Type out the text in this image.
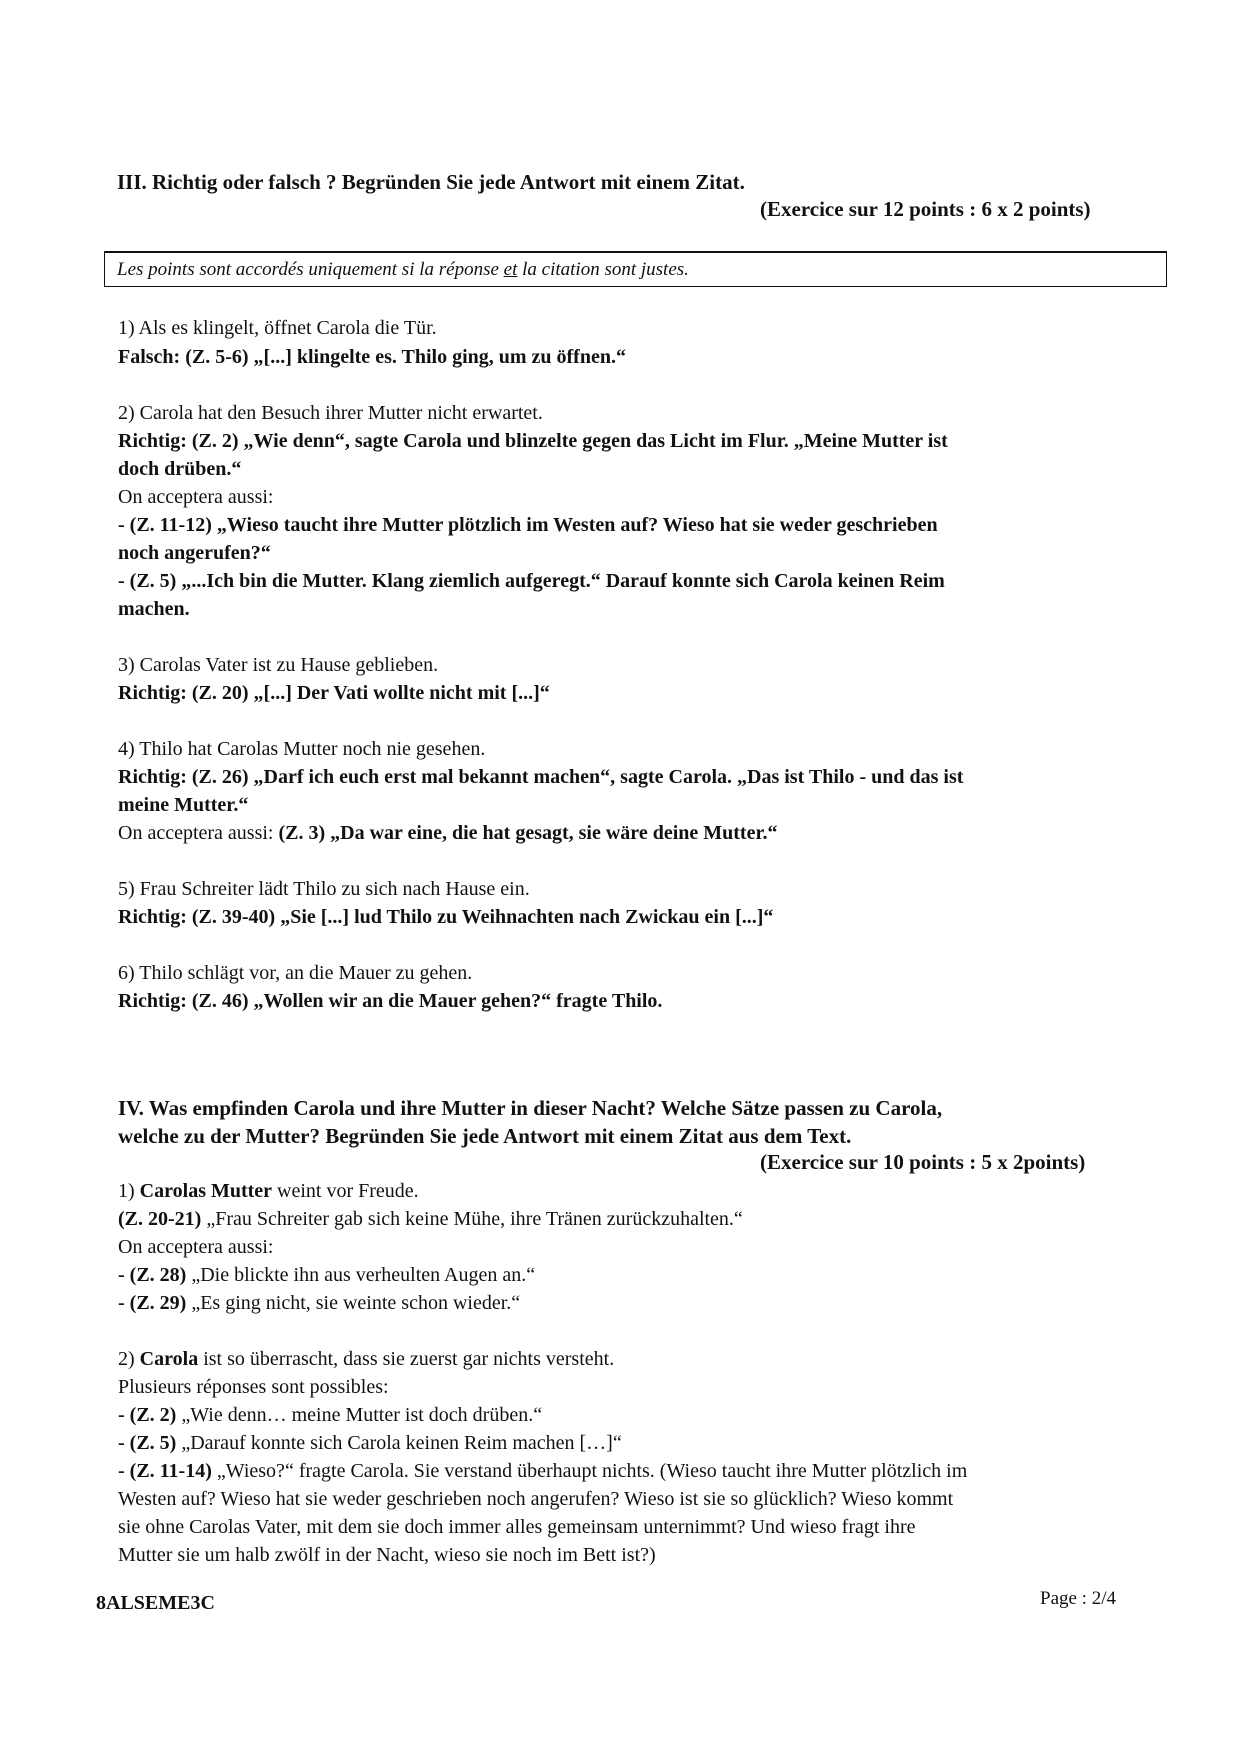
III. Richtig oder falsch ? Begründen Sie jede Antwort mit einem Zitat.
(Exercice sur 12 points : 6 x 2 points)
Les points sont accordés uniquement si la réponse et la citation sont justes.
1) Als es klingelt, öffnet Carola die Tür.
Falsch: (Z. 5-6) „[...] klingelte es. Thilo ging, um zu öffnen.“
2) Carola hat den Besuch ihrer Mutter nicht erwartet.
Richtig: (Z. 2) „Wie denn“, sagte Carola und blinzelte gegen das Licht im Flur. „Meine Mutter ist
doch drüben.“
On acceptera aussi:
- (Z. 11-12) „Wieso taucht ihre Mutter plötzlich im Westen auf? Wieso hat sie weder geschrieben
noch angerufen?“
- (Z. 5) „...Ich bin die Mutter. Klang ziemlich aufgeregt.“ Darauf konnte sich Carola keinen Reim
machen.
3) Carolas Vater ist zu Hause geblieben.
Richtig: (Z. 20) „[...] Der Vati wollte nicht mit [...]“
4) Thilo hat Carolas Mutter noch nie gesehen.
Richtig: (Z. 26) „Darf ich euch erst mal bekannt machen“, sagte Carola. „Das ist Thilo - und das ist
meine Mutter.“
On acceptera aussi: (Z. 3) „Da war eine, die hat gesagt, sie wäre deine Mutter.“
5) Frau Schreiter lädt Thilo zu sich nach Hause ein.
Richtig: (Z. 39-40) „Sie [...] lud Thilo zu Weihnachten nach Zwickau ein [...]“
6) Thilo schlägt vor, an die Mauer zu gehen.
Richtig: (Z. 46) „Wollen wir an die Mauer gehen?“ fragte Thilo.
IV. Was empfinden Carola und ihre Mutter in dieser Nacht? Welche Sätze passen zu Carola,
welche zu der Mutter? Begründen Sie jede Antwort mit einem Zitat aus dem Text.
(Exercice sur 10 points : 5 x 2points)
1) Carolas Mutter weint vor Freude.
(Z. 20-21) „Frau Schreiter gab sich keine Mühe, ihre Tränen zurückzuhalten.“
On acceptera aussi:
- (Z. 28) „Die blickte ihn aus verheulten Augen an.“
- (Z. 29) „Es ging nicht, sie weinte schon wieder.“
2) Carola ist so überrascht, dass sie zuerst gar nichts versteht.
Plusieurs réponses sont possibles:
- (Z. 2) „Wie denn… meine Mutter ist doch drüben.“
- (Z. 5) „Darauf konnte sich Carola keinen Reim machen […]“
- (Z. 11-14) „Wieso?“ fragte Carola. Sie verstand überhaupt nichts. (Wieso taucht ihre Mutter plötzlich im
Westen auf? Wieso hat sie weder geschrieben noch angerufen? Wieso ist sie so glücklich? Wieso kommt
sie ohne Carolas Vater, mit dem sie doch immer alles gemeinsam unternimmt? Und wieso fragt ihre
Mutter sie um halb zwölf in der Nacht, wieso sie noch im Bett ist?)
8ALSEME3C	Page : 2/4
